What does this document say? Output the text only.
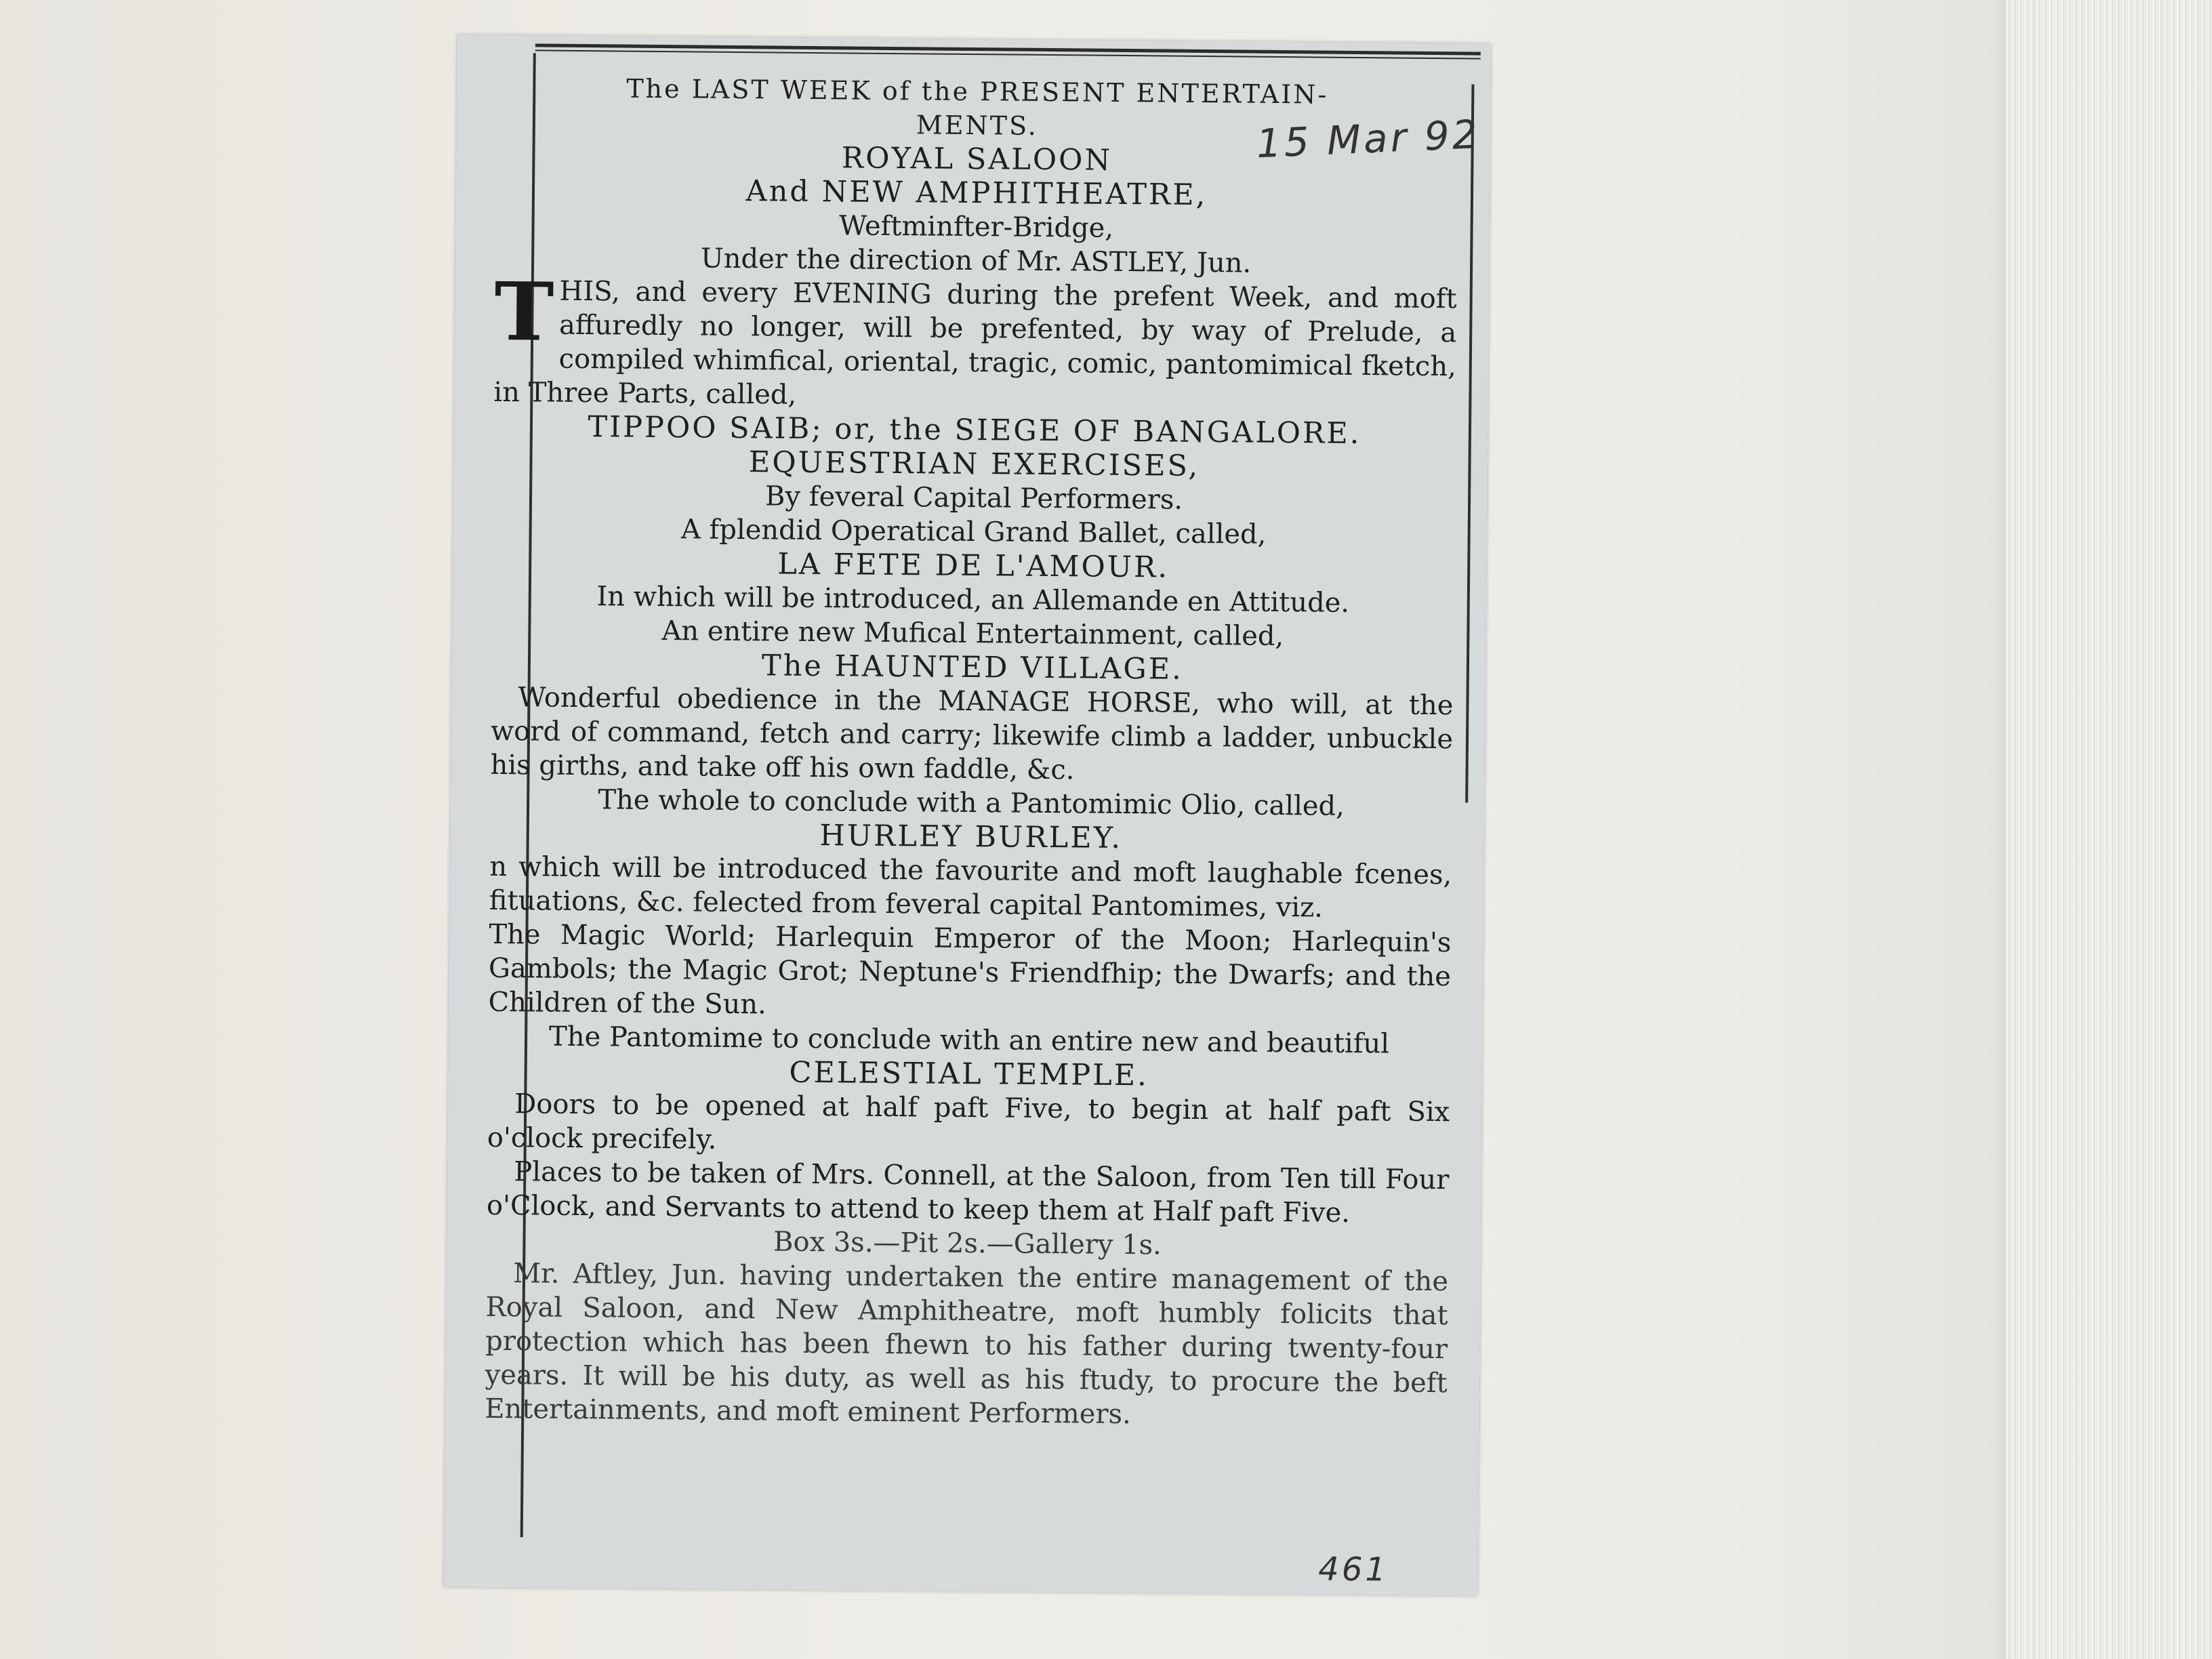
15 Mar 92

The LAST WEEK of the PRESENT ENTERTAIN-

MENTS.

ROYAL SALOON

And NEW AMPHITHEATRE,

Weftminfter-Bridge,

Under the direction of Mr. ASTLEY, Jun.

THIS, and every EVENING during the prefent Week, and moft affuredly no longer, will be prefented, by way of Prelude, a compiled whimfical, oriental, tragic, comic, pantomimical fketch, in Three Parts, called,

TIPPOO SAIB; or, the SIEGE OF BANGALORE.

EQUESTRIAN EXERCISES,

By feveral Capital Performers.

A fplendid Operatical Grand Ballet, called,

LA FETE DE L'AMOUR.

In which will be introduced, an Allemande en Attitude.

An entire new Mufical Entertainment, called,

The HAUNTED VILLAGE.

Wonderful obedience in the MANAGE HORSE, who will, at the word of command, fetch and carry; likewife climb a ladder, unbuckle his girths, and take off his own faddle, &c.

The whole to conclude with a Pantomimic Olio, called,

HURLEY BURLEY.

n which will be introduced the favourite and moft laughable fcenes, fituations, &c. felected from feveral capital Pantomimes, viz.

The Magic World; Harlequin Emperor of the Moon; Harlequin's Gambols; the Magic Grot; Neptune's Friendfhip; the Dwarfs; and the Children of the Sun.

The Pantomime to conclude with an entire new and beautiful

CELESTIAL TEMPLE.

Doors to be opened at half paft Five, to begin at half paft Six o'clock precifely.

Places to be taken of Mrs. Connell, at the Saloon, from Ten till Four o'Clock, and Servants to attend to keep them at Half paft Five.

Box 3s.—Pit 2s.—Gallery 1s.

Mr. Aftley, Jun. having undertaken the entire management of the Royal Saloon, and New Amphitheatre, moft humbly folicits that protection which has been fhewn to his father during twenty-four years. It will be his duty, as well as his ftudy, to procure the beft Entertainments, and moft eminent Performers.

461
